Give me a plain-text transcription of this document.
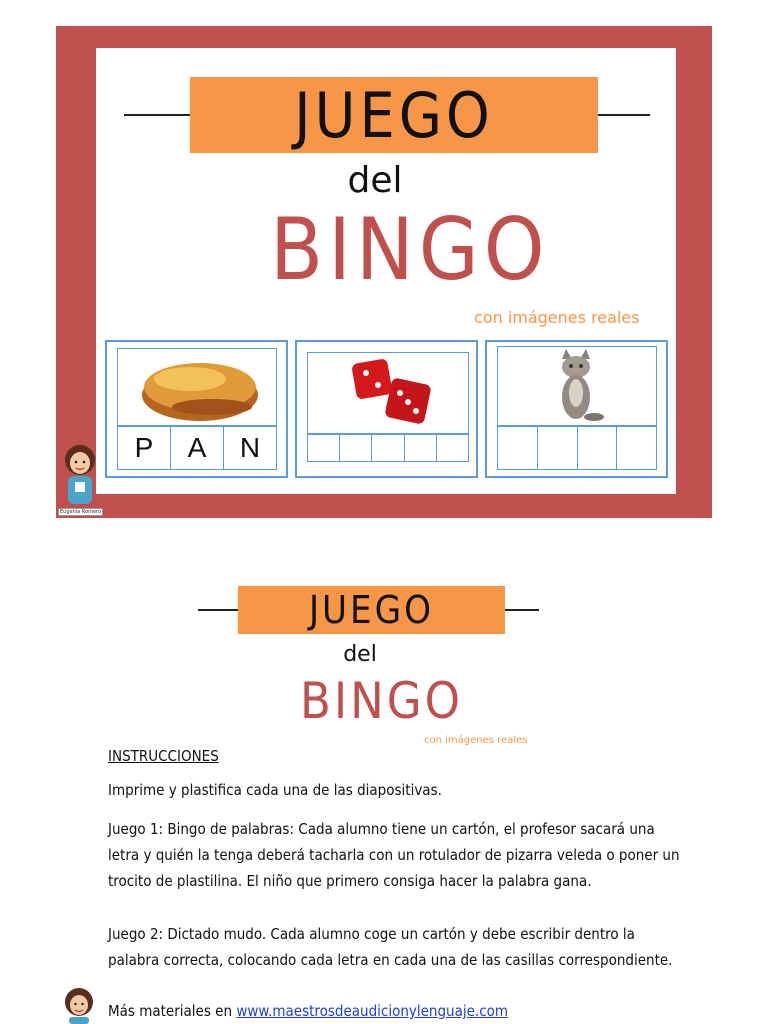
JUEGO
del
BINGO
con imágenes reales
P	A	N
Eugenia Romero
JUEGO
del
BINGO
con imágenes reales
INSTRUCCIONES
Imprime y plastifica cada una de las diapositivas.
Juego 1: Bingo de palabras: Cada alumno tiene un cartón, el profesor sacará una
letra y quién la tenga deberá tacharla con un rotulador de pizarra veleda o poner un
trocito de plastilina. El niño que primero consiga hacer la palabra gana.
Juego 2: Dictado mudo. Cada alumno coge un cartón y debe escribir dentro la
palabra correcta, colocando cada letra en cada una de las casillas correspondiente.
Más materiales en www.maestrosdeaudicionylenguaje.com
